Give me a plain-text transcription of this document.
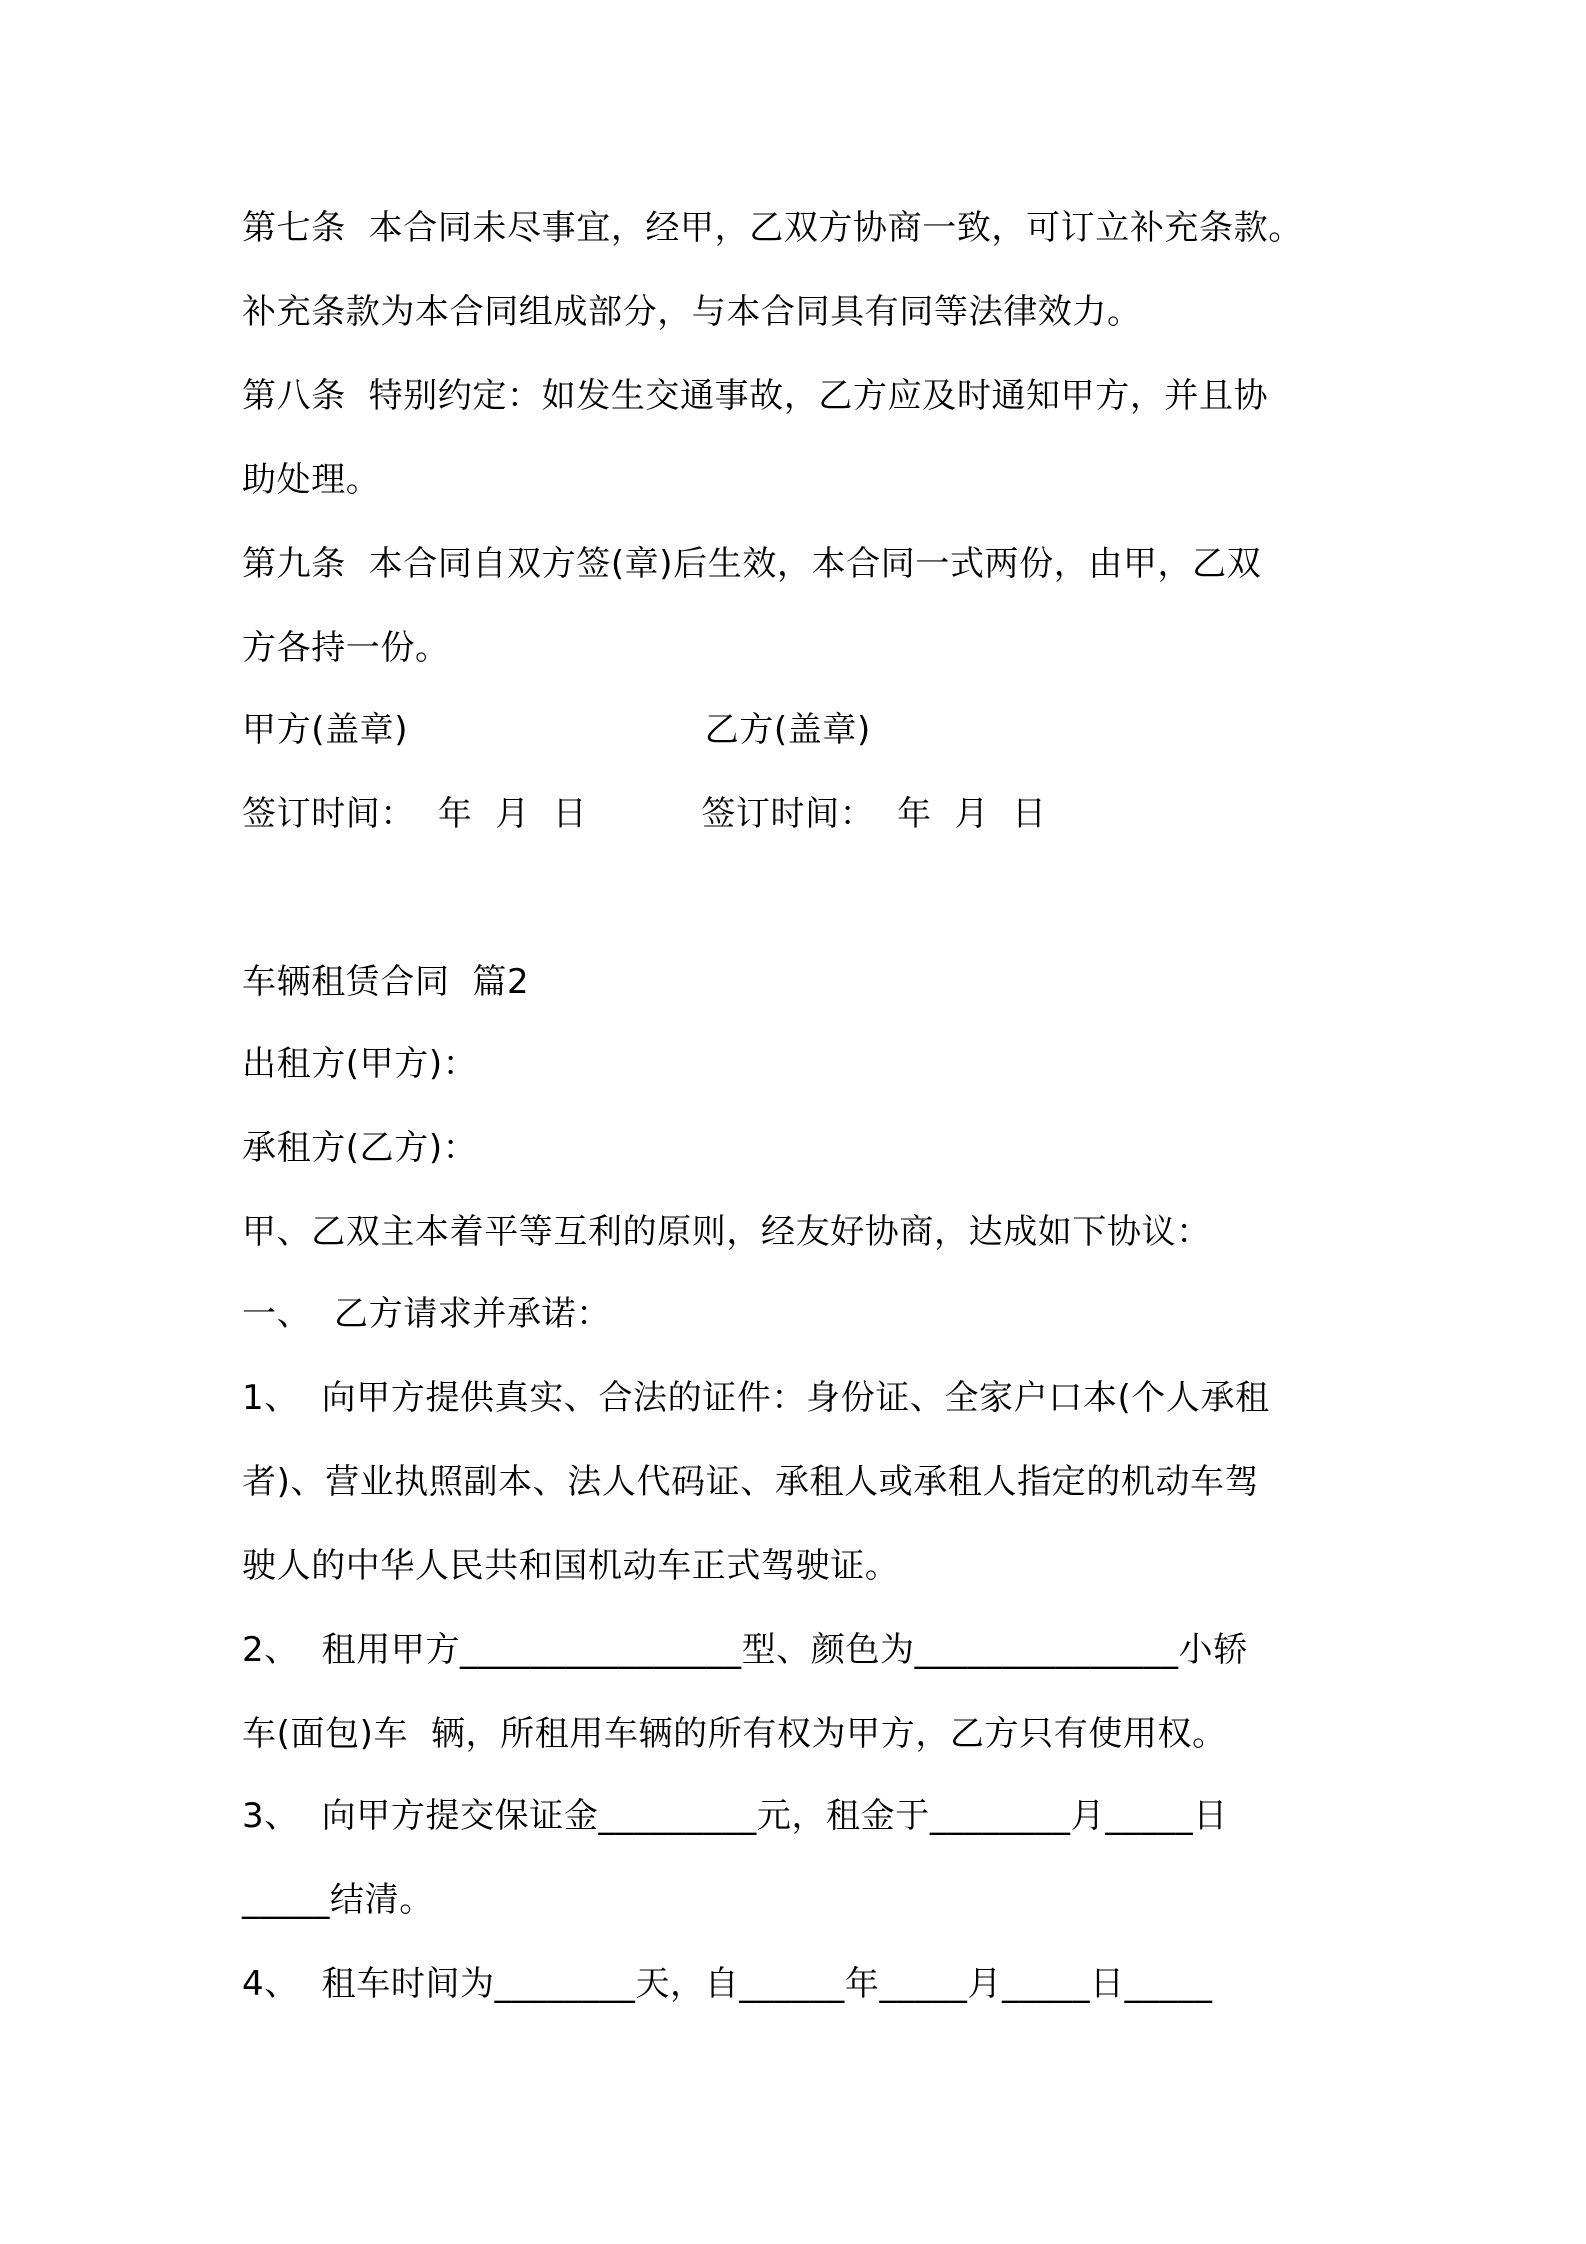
第七条  本合同未尽事宜，经甲，乙双方协商一致，可订立补充条款。
补充条款为本合同组成部分，与本合同具有同等法律效力。
第八条  特别约定：如发生交通事故，乙方应及时通知甲方，并且协
助处理。
第九条  本合同自双方签(章)后生效，本合同一式两份，由甲，乙双
方各持一份。
甲方(盖章)                          乙方(盖章)
签订时间：  年  月  日          签订时间：  年  月  日
车辆租赁合同  篇2
出租方(甲方)：
承租方(乙方)：
甲、乙双主本着平等互利的原则，经友好协商，达成如下协议：
一、  乙方请求并承诺：
1、  向甲方提供真实、合法的证件：身份证、全家户口本(个人承租
者)、营业执照副本、法人代码证、承租人或承租人指定的机动车驾
驶人的中华人民共和国机动车正式驾驶证。
2、  租用甲方________________型、颜色为_______________小轿
车(面包)车  辆，所租用车辆的所有权为甲方，乙方只有使用权。
3、  向甲方提交保证金_________元，租金于________月_____日
_____结清。
4、  租车时间为________天，自______年_____月_____日_____
